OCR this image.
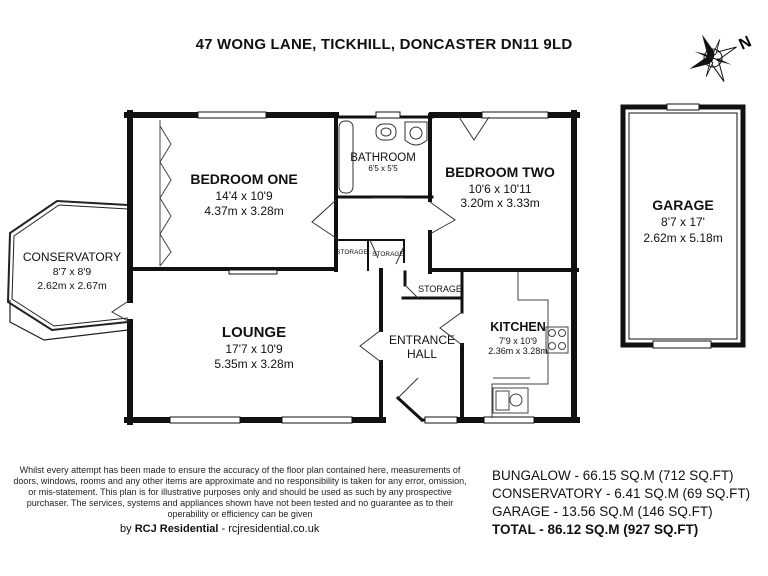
47 WONG LANE, TICKHILL, DONCASTER DN11 9LD	N
BEDROOM ONE
14'4 x 10'9
4.37m x 3.28m
BATHROOM
6'5 x 5'5	BEDROOM TWO
10'6 x 10'11
3.20m x 3.33m	GARAGE
8'7 x 17'
2.62m x 5.18m
CONSERVATORY
8'7 x 8'9
2.62m x 2.67m
STORAGE STORAGE
STORAGE
LOUNGE
17'7 x 10'9
5.35m x 3.28m
ENTRANCE
HALL
KITCHEN
7'9 x 10'9
2.36m x 3.28m
Whilst every attempt has been made to ensure the accuracy of the floor plan contained here, measurements of doors, windows, rooms and any other items are approximate and no responsibility is taken for any error, omission, or mis-statement. This plan is for illustrative purposes only and should be used as such by any prospective purchaser. The services, systems and appliances shown have not been tested and no guarantee as to their operability or efficiency can be given
by RCJ Residential - rcjresidential.co.uk
BUNGALOW - 66.15 SQ.M (712 SQ.FT)
CONSERVATORY - 6.41 SQ.M (69 SQ.FT)
GARAGE - 13.56 SQ.M (146 SQ.FT)
TOTAL - 86.12 SQ.M (927 SQ.FT)
